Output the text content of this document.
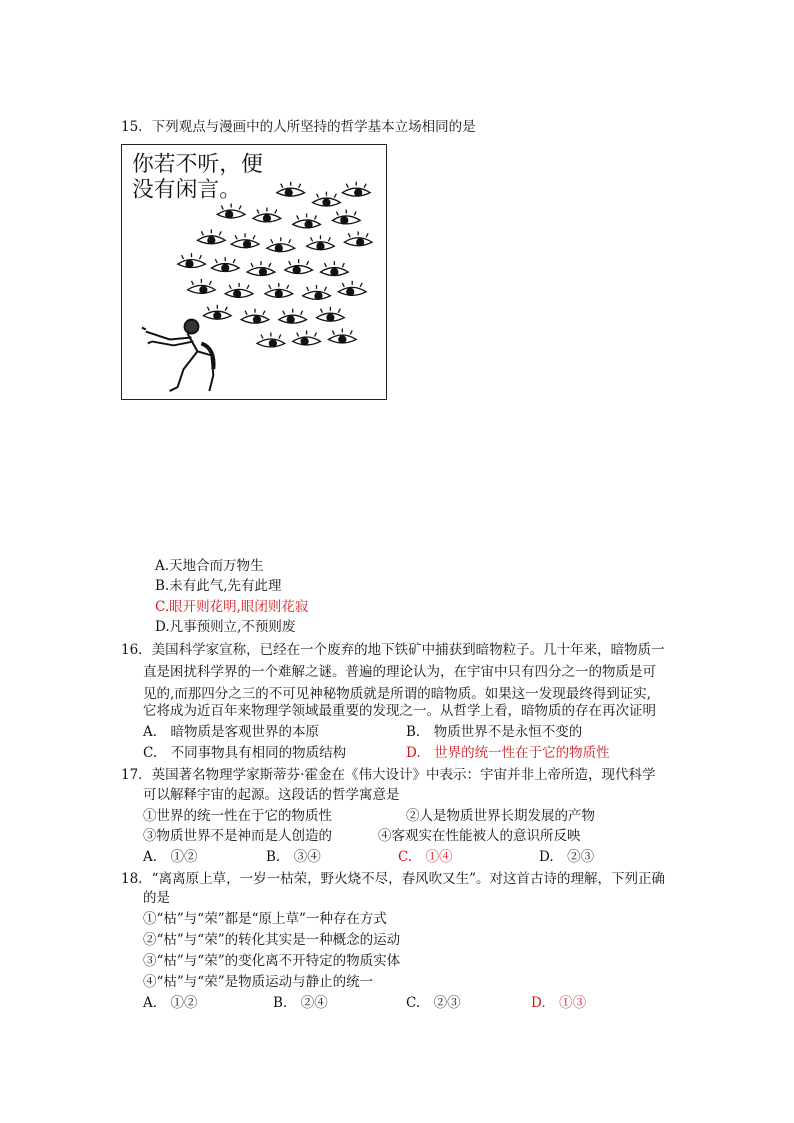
15．下列观点与漫画中的人所坚持的哲学基本立场相同的是
你若不听，便
没有闲言。
A.天地合而万物生
B.未有此气,先有此理
C.眼开则花明,眼闭则花寂
D.凡事预则立,不预则废
16．美国科学家宣称，已经在一个废弃的地下铁矿中捕获到暗物粒子。几十年来，暗物质一
直是困扰科学界的一个难解之谜。普遍的理论认为，在宇宙中只有四分之一的物质是可
见的,而那四分之三的不可见神秘物质就是所谓的暗物质。如果这一发现最终得到证实,
它将成为近百年来物理学领域最重要的发现之一。从哲学上看，暗物质的存在再次证明
A.　暗物质是客观世界的本原	B.　物质世界不是永恒不变的
C.　不同事物具有相同的物质结构	D.　世界的统一性在于它的物质性
17．英国著名物理学家斯蒂芬·霍金在《伟大设计》中表示：宇宙并非上帝所造，现代科学
可以解释宇宙的起源。这段话的哲学寓意是
①世界的统一性在于它的物质性	②人是物质世界长期发展的产物
③物质世界不是神而是人创造的	④客观实在性能被人的意识所反映
A.　①②	B.　③④	C.　①④	D.　②③
18．“离离原上草，一岁一枯荣，野火烧不尽，春风吹又生”。对这首古诗的理解，下列正确
的是
①“枯”与“荣”都是“原上草”一种存在方式
②“枯”与“荣”的转化其实是一种概念的运动
③“枯”与“荣”的变化离不开特定的物质实体
④“枯”与“荣”是物质运动与静止的统一
A.　①②	B.　②④	C.　②③	D.　①③
